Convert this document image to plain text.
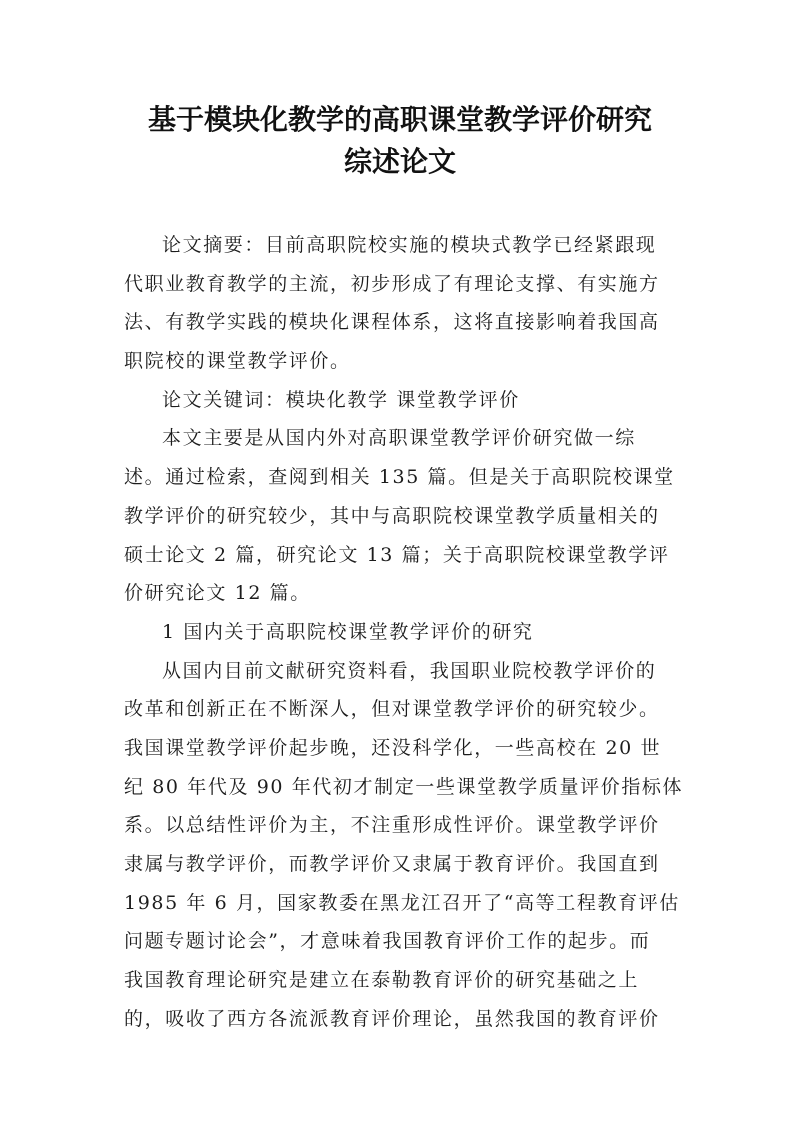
基于模块化教学的高职课堂教学评价研究
综述论文
论文摘要：目前高职院校实施的模块式教学已经紧跟现
代职业教育教学的主流，初步形成了有理论支撑、有实施方
法、有教学实践的模块化课程体系，这将直接影响着我国高
职院校的课堂教学评价。
论文关键词：模块化教学 课堂教学评价
本文主要是从国内外对高职课堂教学评价研究做一综
述。通过检索，查阅到相关 135 篇。但是关于高职院校课堂
教学评价的研究较少，其中与高职院校课堂教学质量相关的
硕士论文 2 篇，研究论文 13 篇；关于高职院校课堂教学评
价研究论文 12 篇。
1 国内关于高职院校课堂教学评价的研究
从国内目前文献研究资料看，我国职业院校教学评价的
改革和创新正在不断深人，但对课堂教学评价的研究较少。
我国课堂教学评价起步晚，还没科学化，一些高校在 20 世
纪 80 年代及 90 年代初才制定一些课堂教学质量评价指标体
系。以总结性评价为主，不注重形成性评价。课堂教学评价
隶属与教学评价，而教学评价又隶属于教育评价。我国直到
1985 年 6 月，国家教委在黑龙江召开了“高等工程教育评估
问题专题讨论会”，才意味着我国教育评价工作的起步。而
我国教育理论研究是建立在泰勒教育评价的研究基础之上
的，吸收了西方各流派教育评价理论，虽然我国的教育评价
